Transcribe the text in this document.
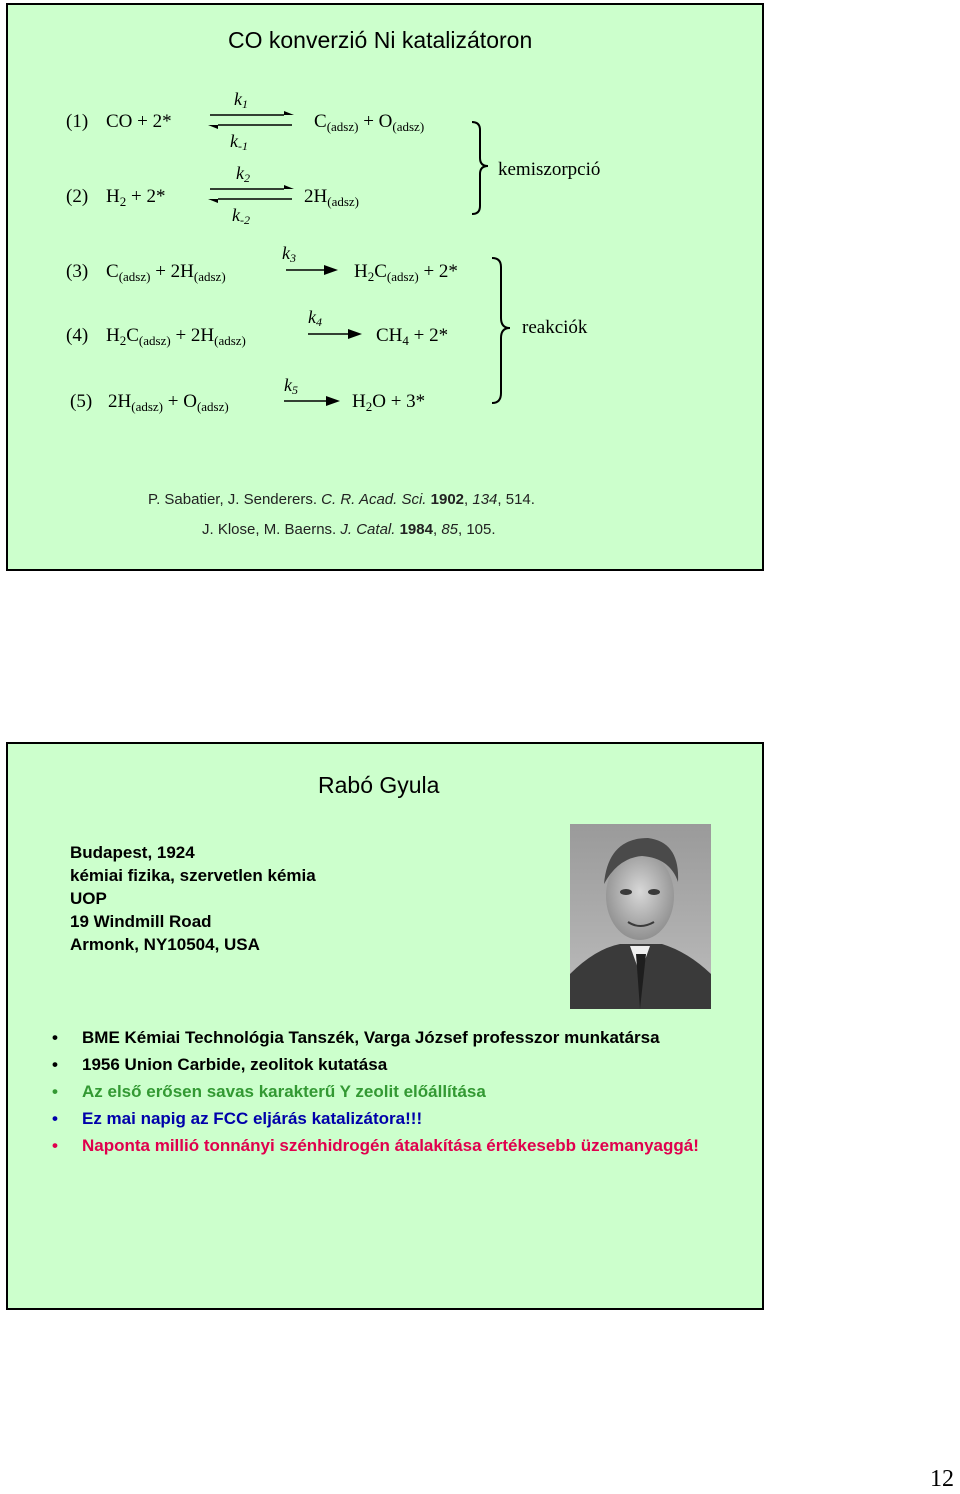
CO konverzió Ni katalizátoron
(1) CO + 2*
$k_1$
$k_{-1}$
$C_{(adsz)} + O_{(adsz)}$
(2) $H_2 + 2*$
$k_2$
$k_{-2}$
$2H_{(adsz)}$
kemiszorpció
(3) $C_{(adsz)} + 2H_{(adsz)}$
$k_3$
$H_2C_{(adsz)} + 2*$
(4) $H_2C_{(adsz)} + 2H_{(adsz)}$
$k_4$
$CH_4 + 2*$	reakciók
(5) $2H_{(adsz)} + O_{(adsz)}$
$k_5$
$H_2O + 3*$
P. Sabatier, J. Senderers. C. R. Acad. Sci. 1902, 134, 514.
J. Klose, M. Baerns. J. Catal. 1984, 85, 105.
Rabó Gyula
Budapest, 1924
kémiai fizika, szervetlen kémia
UOP
19 Windmill Road
Armonk, NY10504, USA
• BME Kémiai Technológia Tanszék, Varga József professzor munkatársa
• 1956 Union Carbide, zeolitok kutatása
• Az első erősen savas karakterű Y zeolit előállítása
• Ez mai napig az FCC eljárás katalizátora!!!
• Naponta millió tonnányi szénhidrogén átalakítása értékesebb üzemanyaggá!
12
